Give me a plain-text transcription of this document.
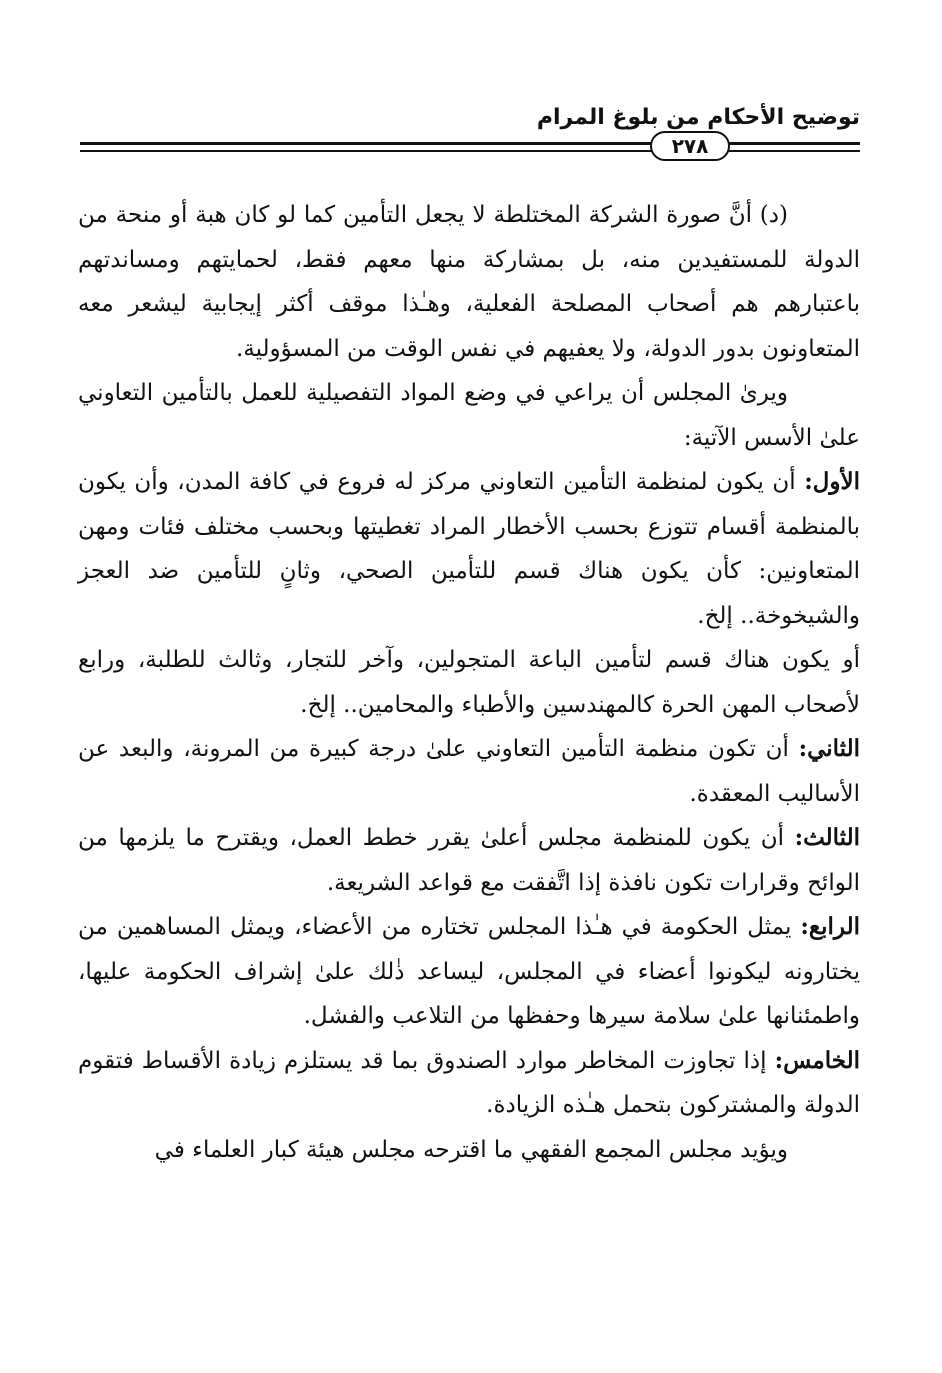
توضيح الأحكام من بلوغ المرام
٢٧٨

(د) أنَّ صورة الشركة المختلطة لا يجعل التأمين كما لو كان هبة أو منحة من الدولة للمستفيدين منه، بل بمشاركة منها معهم فقط، لحمايتهم ومساندتهم باعتبارهم هم أصحاب المصلحة الفعلية، وهـٰذا موقف أكثر إيجابية ليشعر معه المتعاونون بدور الدولة، ولا يعفيهم في نفس الوقت من المسؤولية.

ويرىٰ المجلس أن يراعي في وضع المواد التفصيلية للعمل بالتأمين التعاوني علىٰ الأسس الآتية:

الأول: أن يكون لمنظمة التأمين التعاوني مركز له فروع في كافة المدن، وأن يكون بالمنظمة أقسام تتوزع بحسب الأخطار المراد تغطيتها وبحسب مختلف فئات ومهن المتعاونين: كأن يكون هناك قسم للتأمين الصحي، وثانٍ للتأمين ضد العجز والشيخوخة.. إلخ.

أو يكون هناك قسم لتأمين الباعة المتجولين، وآخر للتجار، وثالث للطلبة، ورابع لأصحاب المهن الحرة كالمهندسين والأطباء والمحامين.. إلخ.

الثاني: أن تكون منظمة التأمين التعاوني علىٰ درجة كبيرة من المرونة، والبعد عن الأساليب المعقدة.

الثالث: أن يكون للمنظمة مجلس أعلىٰ يقرر خطط العمل، ويقترح ما يلزمها من الوائح وقرارات تكون نافذة إذا اتَّفقت مع قواعد الشريعة.

الرابع: يمثل الحكومة في هـٰذا المجلس تختاره من الأعضاء، ويمثل المساهمين من يختارونه ليكونوا أعضاء في المجلس، ليساعد ذٰلك علىٰ إشراف الحكومة عليها، واطمئنانها علىٰ سلامة سيرها وحفظها من التلاعب والفشل.

الخامس: إذا تجاوزت المخاطر موارد الصندوق بما قد يستلزم زيادة الأقساط فتقوم الدولة والمشتركون بتحمل هـٰذه الزيادة.

ويؤيد مجلس المجمع الفقهي ما اقترحه مجلس هيئة كبار العلماء في
